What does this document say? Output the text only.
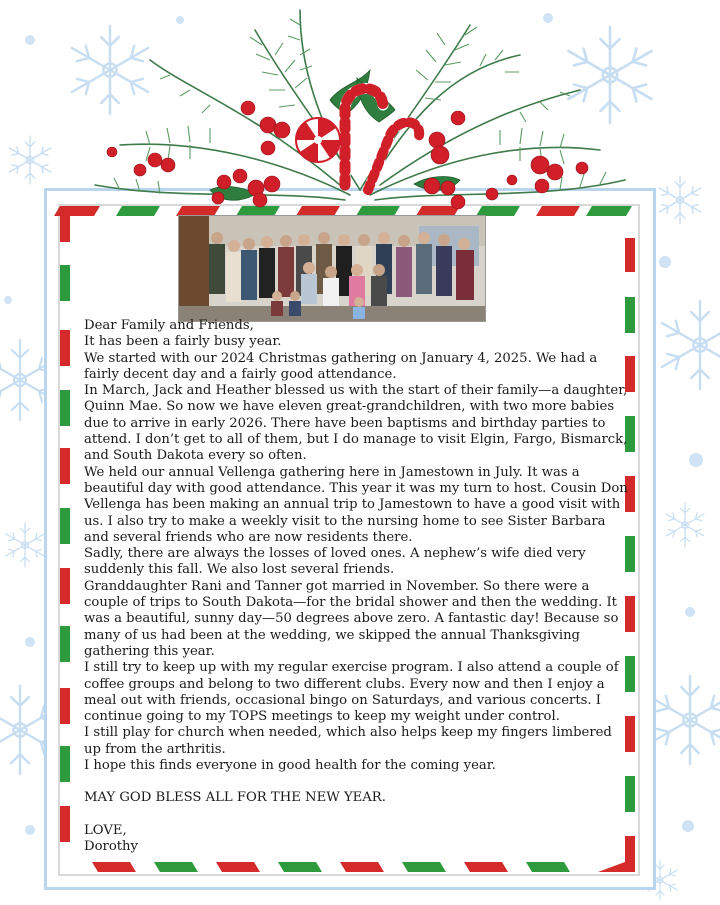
Dear Family and Friends,

It has been a fairly busy year.

We started with our 2024 Christmas gathering on January 4, 2025. We had a fairly decent day and a fairly good attendance.

In March, Jack and Heather blessed us with the start of their family—a daughter, Quinn Mae. So now we have eleven great-grandchildren, with two more babies due to arrive in early 2026. There have been baptisms and birthday parties to attend. I don’t get to all of them, but I do manage to visit Elgin, Fargo, Bismarck, and South Dakota every so often.

We held our annual Vellenga gathering here in Jamestown in July. It was a beautiful day with good attendance. This year it was my turn to host. Cousin Don Vellenga has been making an annual trip to Jamestown to have a good visit with us. I also try to make a weekly visit to the nursing home to see Sister Barbara and several friends who are now residents there.

Sadly, there are always the losses of loved ones. A nephew’s wife died very suddenly this fall. We also lost several friends.

Granddaughter Rani and Tanner got married in November. So there were a couple of trips to South Dakota—for the bridal shower and then the wedding. It was a beautiful, sunny day—50 degrees above zero. A fantastic day! Because so many of us had been at the wedding, we skipped the annual Thanksgiving gathering this year.

I still try to keep up with my regular exercise program. I also attend a couple of coffee groups and belong to two different clubs. Every now and then I enjoy a meal out with friends, occasional bingo on Saturdays, and various concerts. I continue going to my TOPS meetings to keep my weight under control.

I still play for church when needed, which also helps keep my fingers limbered up from the arthritis.

I hope this finds everyone in good health for the coming year.

MAY GOD BLESS ALL FOR THE NEW YEAR.

LOVE,

Dorothy
